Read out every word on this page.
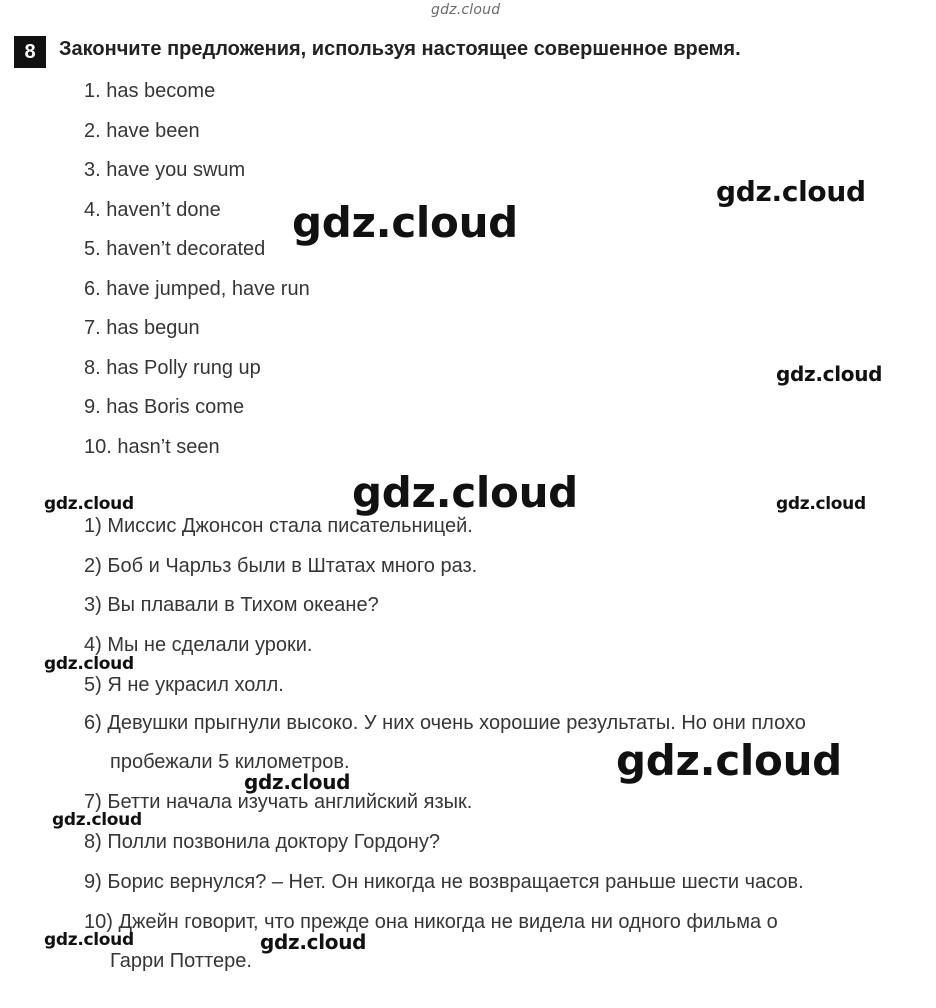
gdz.cloud
8	Закончите предложения, используя настоящее совершенное время.
1. has become
2. have been
3. have you swum
4. haven’t done
5. haven’t decorated
6. have jumped, have run
7. has begun
8. has Polly rung up
9. has Boris come
10. hasn’t seen
1) Миссис Джонсон стала писательницей.
2) Боб и Чарльз были в Штатах много раз.
3) Вы плавали в Тихом океане?
4) Мы не сделали уроки.
5) Я не украсил холл.
6) Девушки прыгнули высоко. У них очень хорошие результаты. Но они плохо
пробежали 5 километров.
7) Бетти начала изучать английский язык.
8) Полли позвонила доктору Гордону?
9) Борис вернулся? – Нет. Он никогда не возвращается раньше шести часов.
10) Джейн говорит, что прежде она никогда не видела ни одного фильма о
Гарри Поттере.
gdz.cloud
gdz.cloud
gdz.cloud
gdz.cloud
gdz.cloud	gdz.cloud
gdz.cloud
gdz.cloud
gdz.cloud
gdz.cloud
gdz.cloud	gdz.cloud
